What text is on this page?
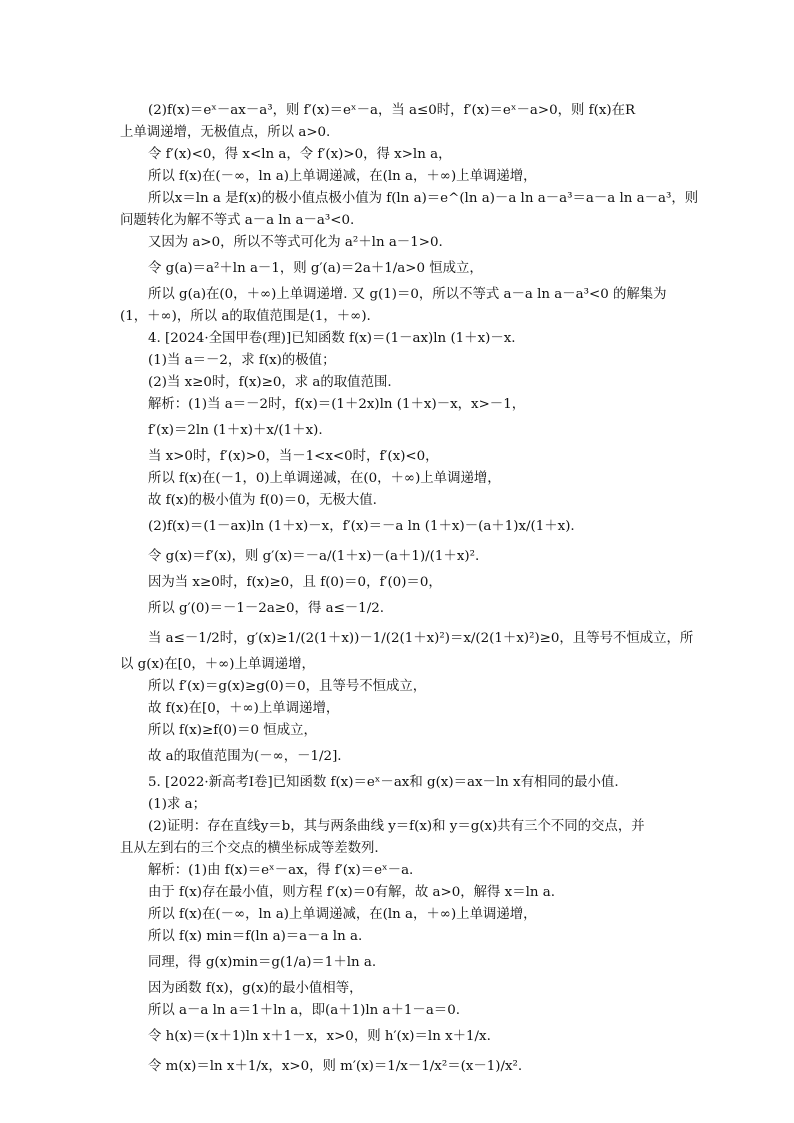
(2)f(x)＝eˣ－ax－a³，则 f′(x)＝eˣ－a，当 a≤0时，f′(x)＝eˣ－a>0，则 f(x)在R
上单调递增，无极值点，所以 a>0.
令 f′(x)<0，得 x<ln a，令 f′(x)>0，得 x>ln a，
所以 f(x)在(－∞，ln a)上单调递减，在(ln a，＋∞)上单调递增，
所以x＝ln a 是f(x)的极小值点极小值为 f(ln a)＝e^(ln a)－a ln a－a³＝a－a ln a－a³，则
问题转化为解不等式 a－a ln a－a³<0.
又因为 a>0，所以不等式可化为 a²＋ln a－1>0.
令 g(a)＝a²＋ln a－1，则 g′(a)＝2a＋1/a>0 恒成立，
所以 g(a)在(0，＋∞)上单调递增. 又 g(1)＝0，所以不等式 a－a ln a－a³<0 的解集为
(1，＋∞)，所以 a的取值范围是(1，＋∞).
4. [2024·全国甲卷(理)]已知函数 f(x)＝(1－ax)ln (1＋x)－x.
(1)当 a＝－2，求 f(x)的极值；
(2)当 x≥0时，f(x)≥0，求 a的取值范围.
解析：(1)当 a＝－2时，f(x)＝(1＋2x)ln (1＋x)－x，x>－1，
f′(x)＝2ln (1＋x)＋x/(1＋x).
当 x>0时，f′(x)>0，当－1<x<0时，f′(x)<0，
所以 f(x)在(－1，0)上单调递减，在(0，＋∞)上单调递增，
故 f(x)的极小值为 f(0)＝0，无极大值.
(2)f(x)＝(1－ax)ln (1＋x)－x，f′(x)＝－a ln (1＋x)－(a＋1)x/(1＋x).
令 g(x)＝f′(x)，则 g′(x)＝－a/(1＋x)－(a＋1)/(1＋x)².
因为当 x≥0时，f(x)≥0，且 f(0)＝0，f′(0)＝0，
所以 g′(0)＝－1－2a≥0，得 a≤－1/2.
当 a≤－1/2时，g′(x)≥1/(2(1＋x))－1/(2(1＋x)²)＝x/(2(1＋x)²)≥0，且等号不恒成立，所
以 g(x)在[0，＋∞)上单调递增，
所以 f′(x)＝g(x)≥g(0)＝0，且等号不恒成立，
故 f(x)在[0，＋∞)上单调递增，
所以 f(x)≥f(0)＝0 恒成立，
故 a的取值范围为(－∞，－1/2].
5. [2022·新高考Ⅰ卷]已知函数 f(x)＝eˣ－ax和 g(x)＝ax－ln x有相同的最小值.
(1)求 a；
(2)证明：存在直线y＝b，其与两条曲线 y＝f(x)和 y＝g(x)共有三个不同的交点，并
且从左到右的三个交点的横坐标成等差数列.
解析：(1)由 f(x)＝eˣ－ax，得 f′(x)＝eˣ－a.
由于 f(x)存在最小值，则方程 f′(x)＝0有解，故 a>0，解得 x＝ln a.
所以 f(x)在(－∞，ln a)上单调递减，在(ln a，＋∞)上单调递增，
所以 f(x) min＝f(ln a)＝a－a ln a.
同理，得 g(x)min＝g(1/a)＝1＋ln a.
因为函数 f(x)，g(x)的最小值相等，
所以 a－a ln a＝1＋ln a，即(a＋1)ln a＋1－a＝0.
令 h(x)＝(x＋1)ln x＋1－x，x>0，则 h′(x)＝ln x＋1/x.
令 m(x)＝ln x＋1/x，x>0，则 m′(x)＝1/x－1/x²＝(x－1)/x².
